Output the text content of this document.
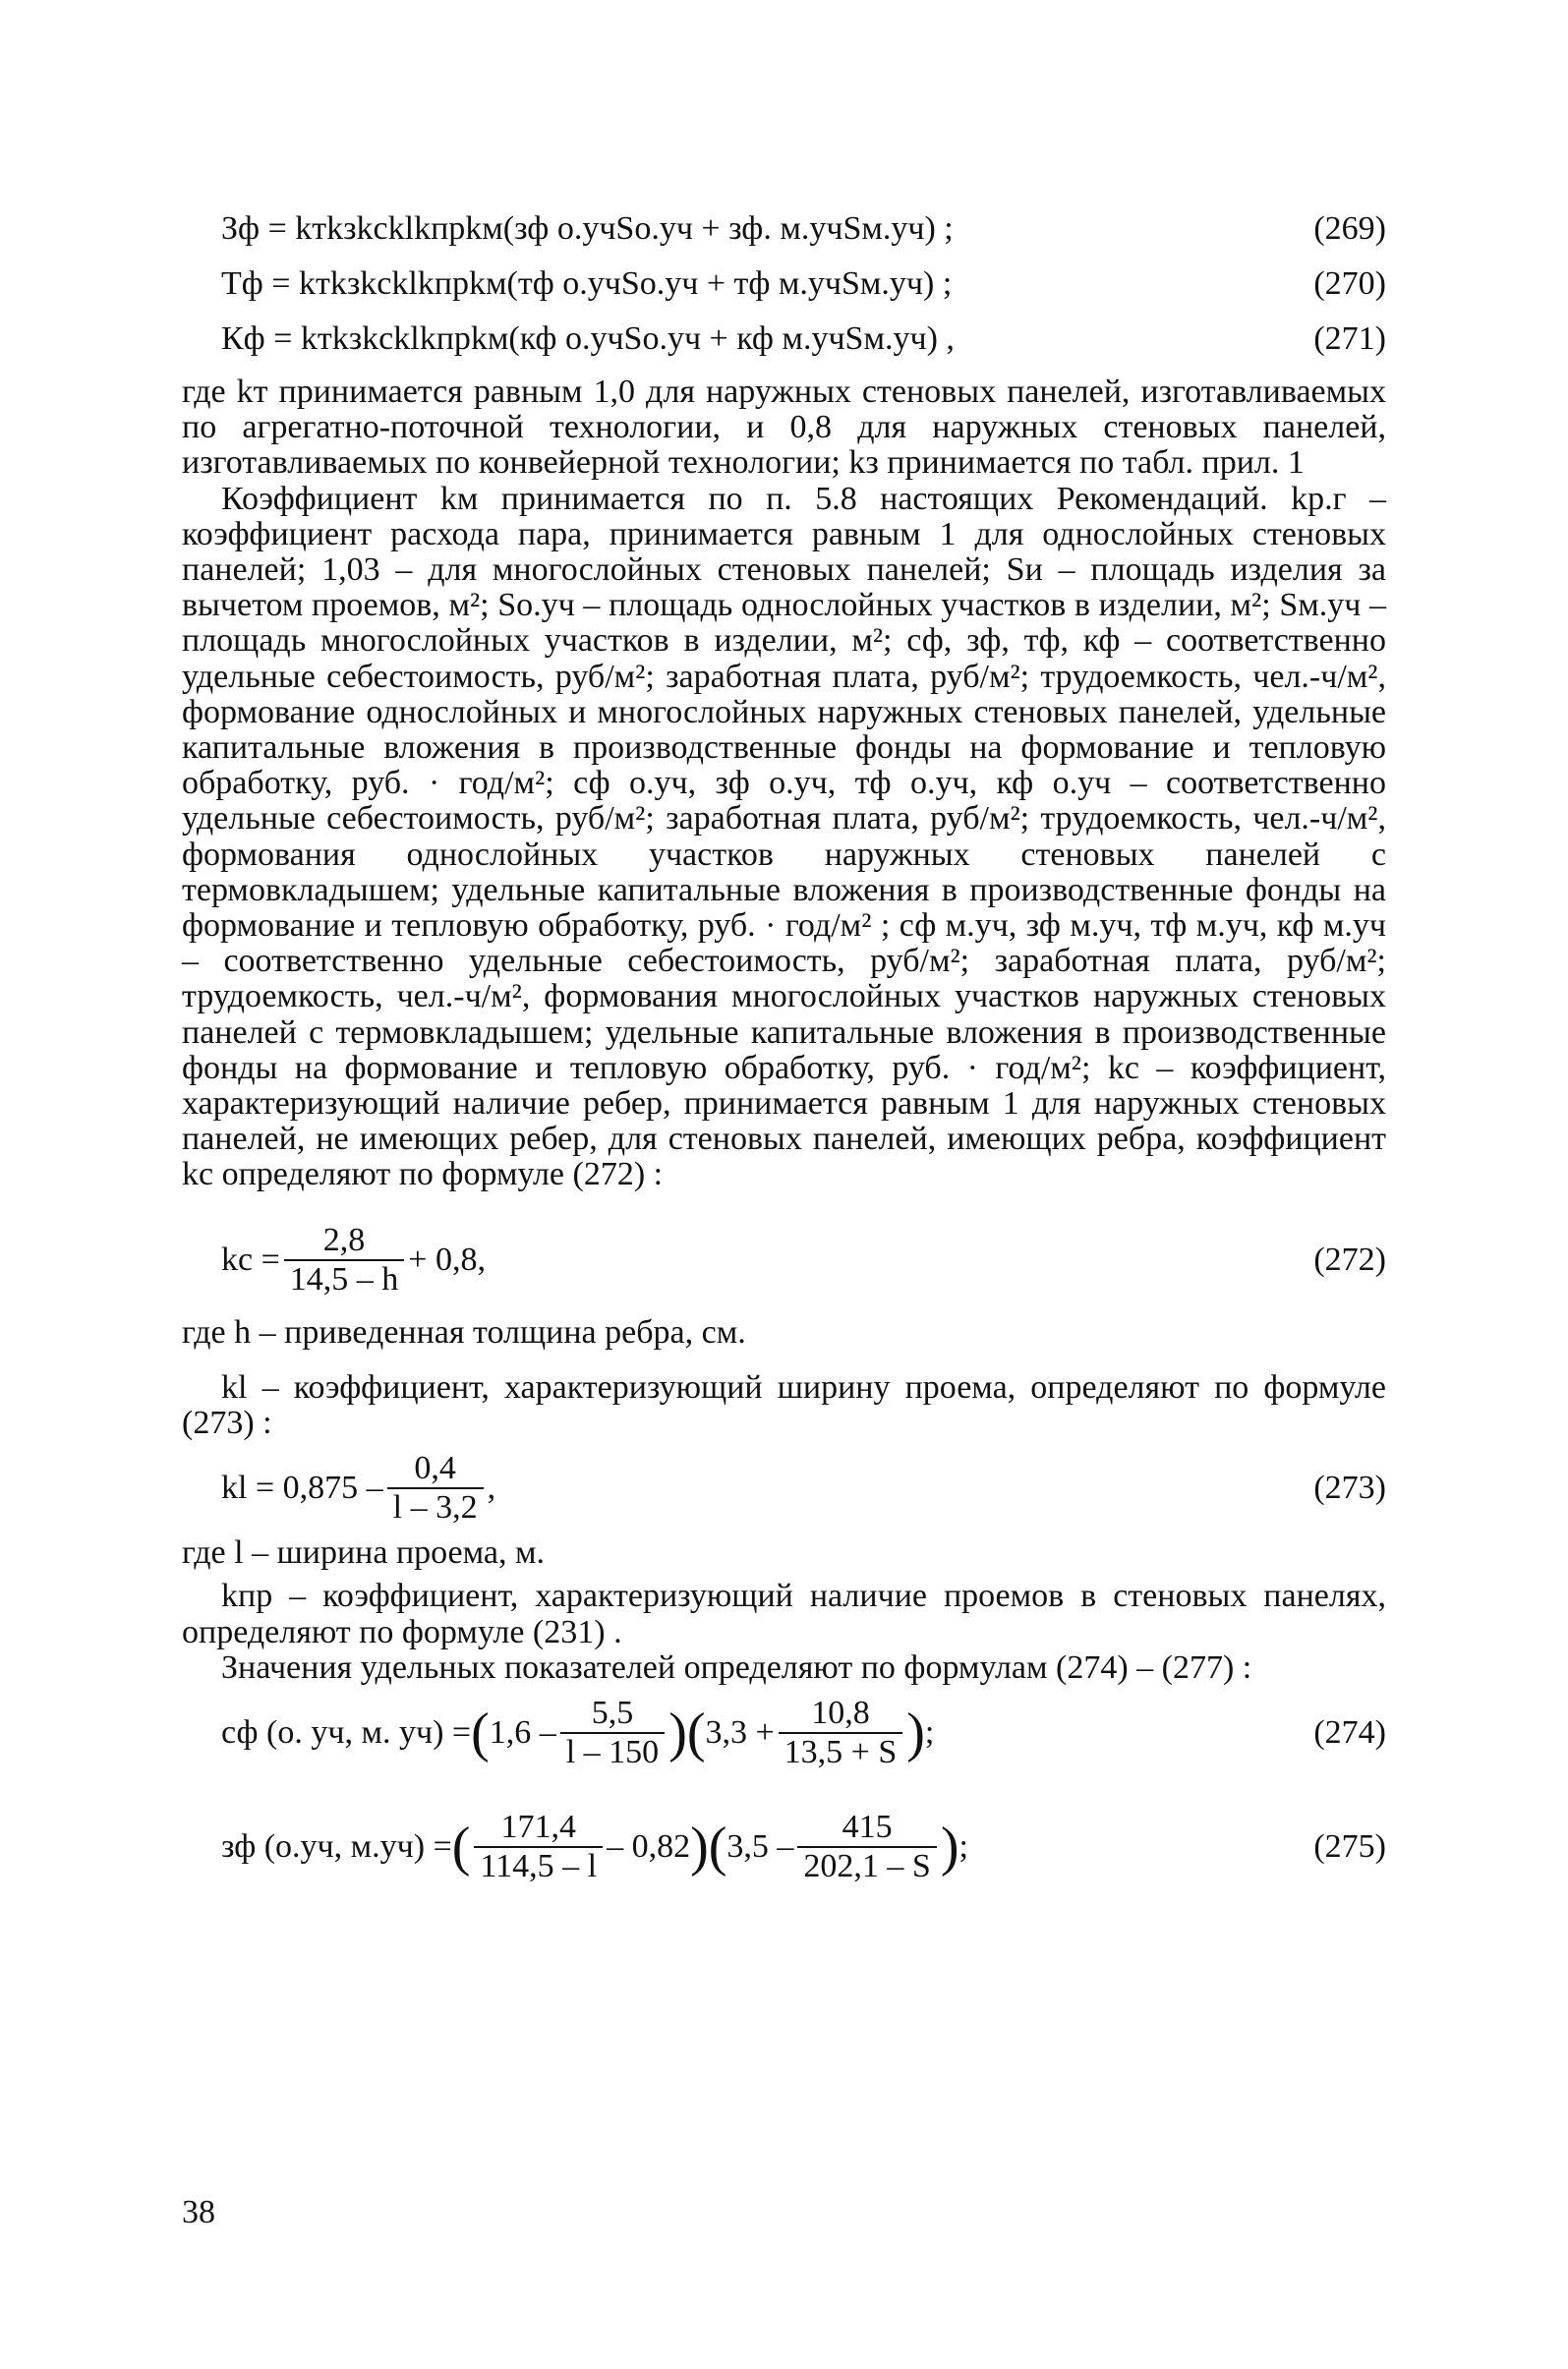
Зф = kтkзkсklkпрkм(зф о.учSо.уч + зф. м.учSм.уч) ;	(269)
Тф = kтkзkсklkпрkм(тф о.учSо.уч + тф м.учSм.уч) ;	(270)
Кф = kтkзkсklkпрkм(кф о.учSо.уч + кф м.учSм.уч) ,	(271)

где kт принимается равным 1,0 для наружных стеновых панелей, изготавливаемых по агрегатно-поточной технологии, и 0,8 для наружных стеновых панелей, изготавливаемых по конвейерной технологии; kз принимается по табл. прил. 1

Коэффициент kм принимается по п. 5.8 настоящих Рекомендаций. kр.г – коэффициент расхода пара, принимается равным 1 для однослойных стеновых панелей; 1,03 – для многослойных стеновых панелей; Sи – площадь изделия за вычетом проемов, м²; Sо.уч – площадь однослойных участков в изделии, м²; Sм.уч – площадь многослойных участков в изделии, м²; сф, зф, тф, кф – соответственно удельные себестоимость, руб/м²; заработная плата, руб/м²; трудоемкость, чел.-ч/м², формование однослойных и многослойных наружных стеновых панелей, удельные капитальные вложения в производственные фонды на формование и тепловую обработку, руб. · год/м²; сф о.уч, зф о.уч, тф о.уч, кф о.уч – соответственно удельные себестоимость, руб/м²; заработная плата, руб/м²; трудоемкость, чел.-ч/м², формования однослойных участков наружных стеновых панелей с термовкладышем; удельные капитальные вложения в производственные фонды на формование и тепловую обработку, руб. · год/м² ; сф м.уч, зф м.уч, тф м.уч, кф м.уч – соответственно удельные себестоимость, руб/м²; заработная плата, руб/м²; трудоемкость, чел.-ч/м², формования многослойных участков наружных стеновых панелей с термовкладышем; удельные капитальные вложения в производственные фонды на формование и тепловую обработку, руб. · год/м²; kс – коэффициент, характеризующий наличие ребер, принимается равным 1 для наружных стеновых панелей, не имеющих ребер, для стеновых панелей, имеющих ребра, коэффициент kс определяют по формуле (272) :

kс = $\frac{2,8}{14,5 - h} + 0,8$,	(272)

где h – приведенная толщина ребра, см.

kl – коэффициент, характеризующий ширину проема, определяют по формуле (273) :

kl = $0,875 - \frac{0,4}{l - 3,2}$ ,	(273)

где l – ширина проема, м.

kпр – коэффициент, характеризующий наличие проемов в стеновых панелях, определяют по формуле (231) .

Значения удельных показателей определяют по формулам (274) – (277) :

сф (о. уч, м. уч) = ( $1,6 - \frac{5,5}{l - 150}$ )( $3,3 + \frac{10,8}{13,5 + S}$ ) ;	(274)
зф (о.уч, м.уч) = ( $\frac{171,4}{114,5 - l} - 0,82$ )( $3,5 - \frac{415}{202,1 - S}$ ) ;	(275)
38
